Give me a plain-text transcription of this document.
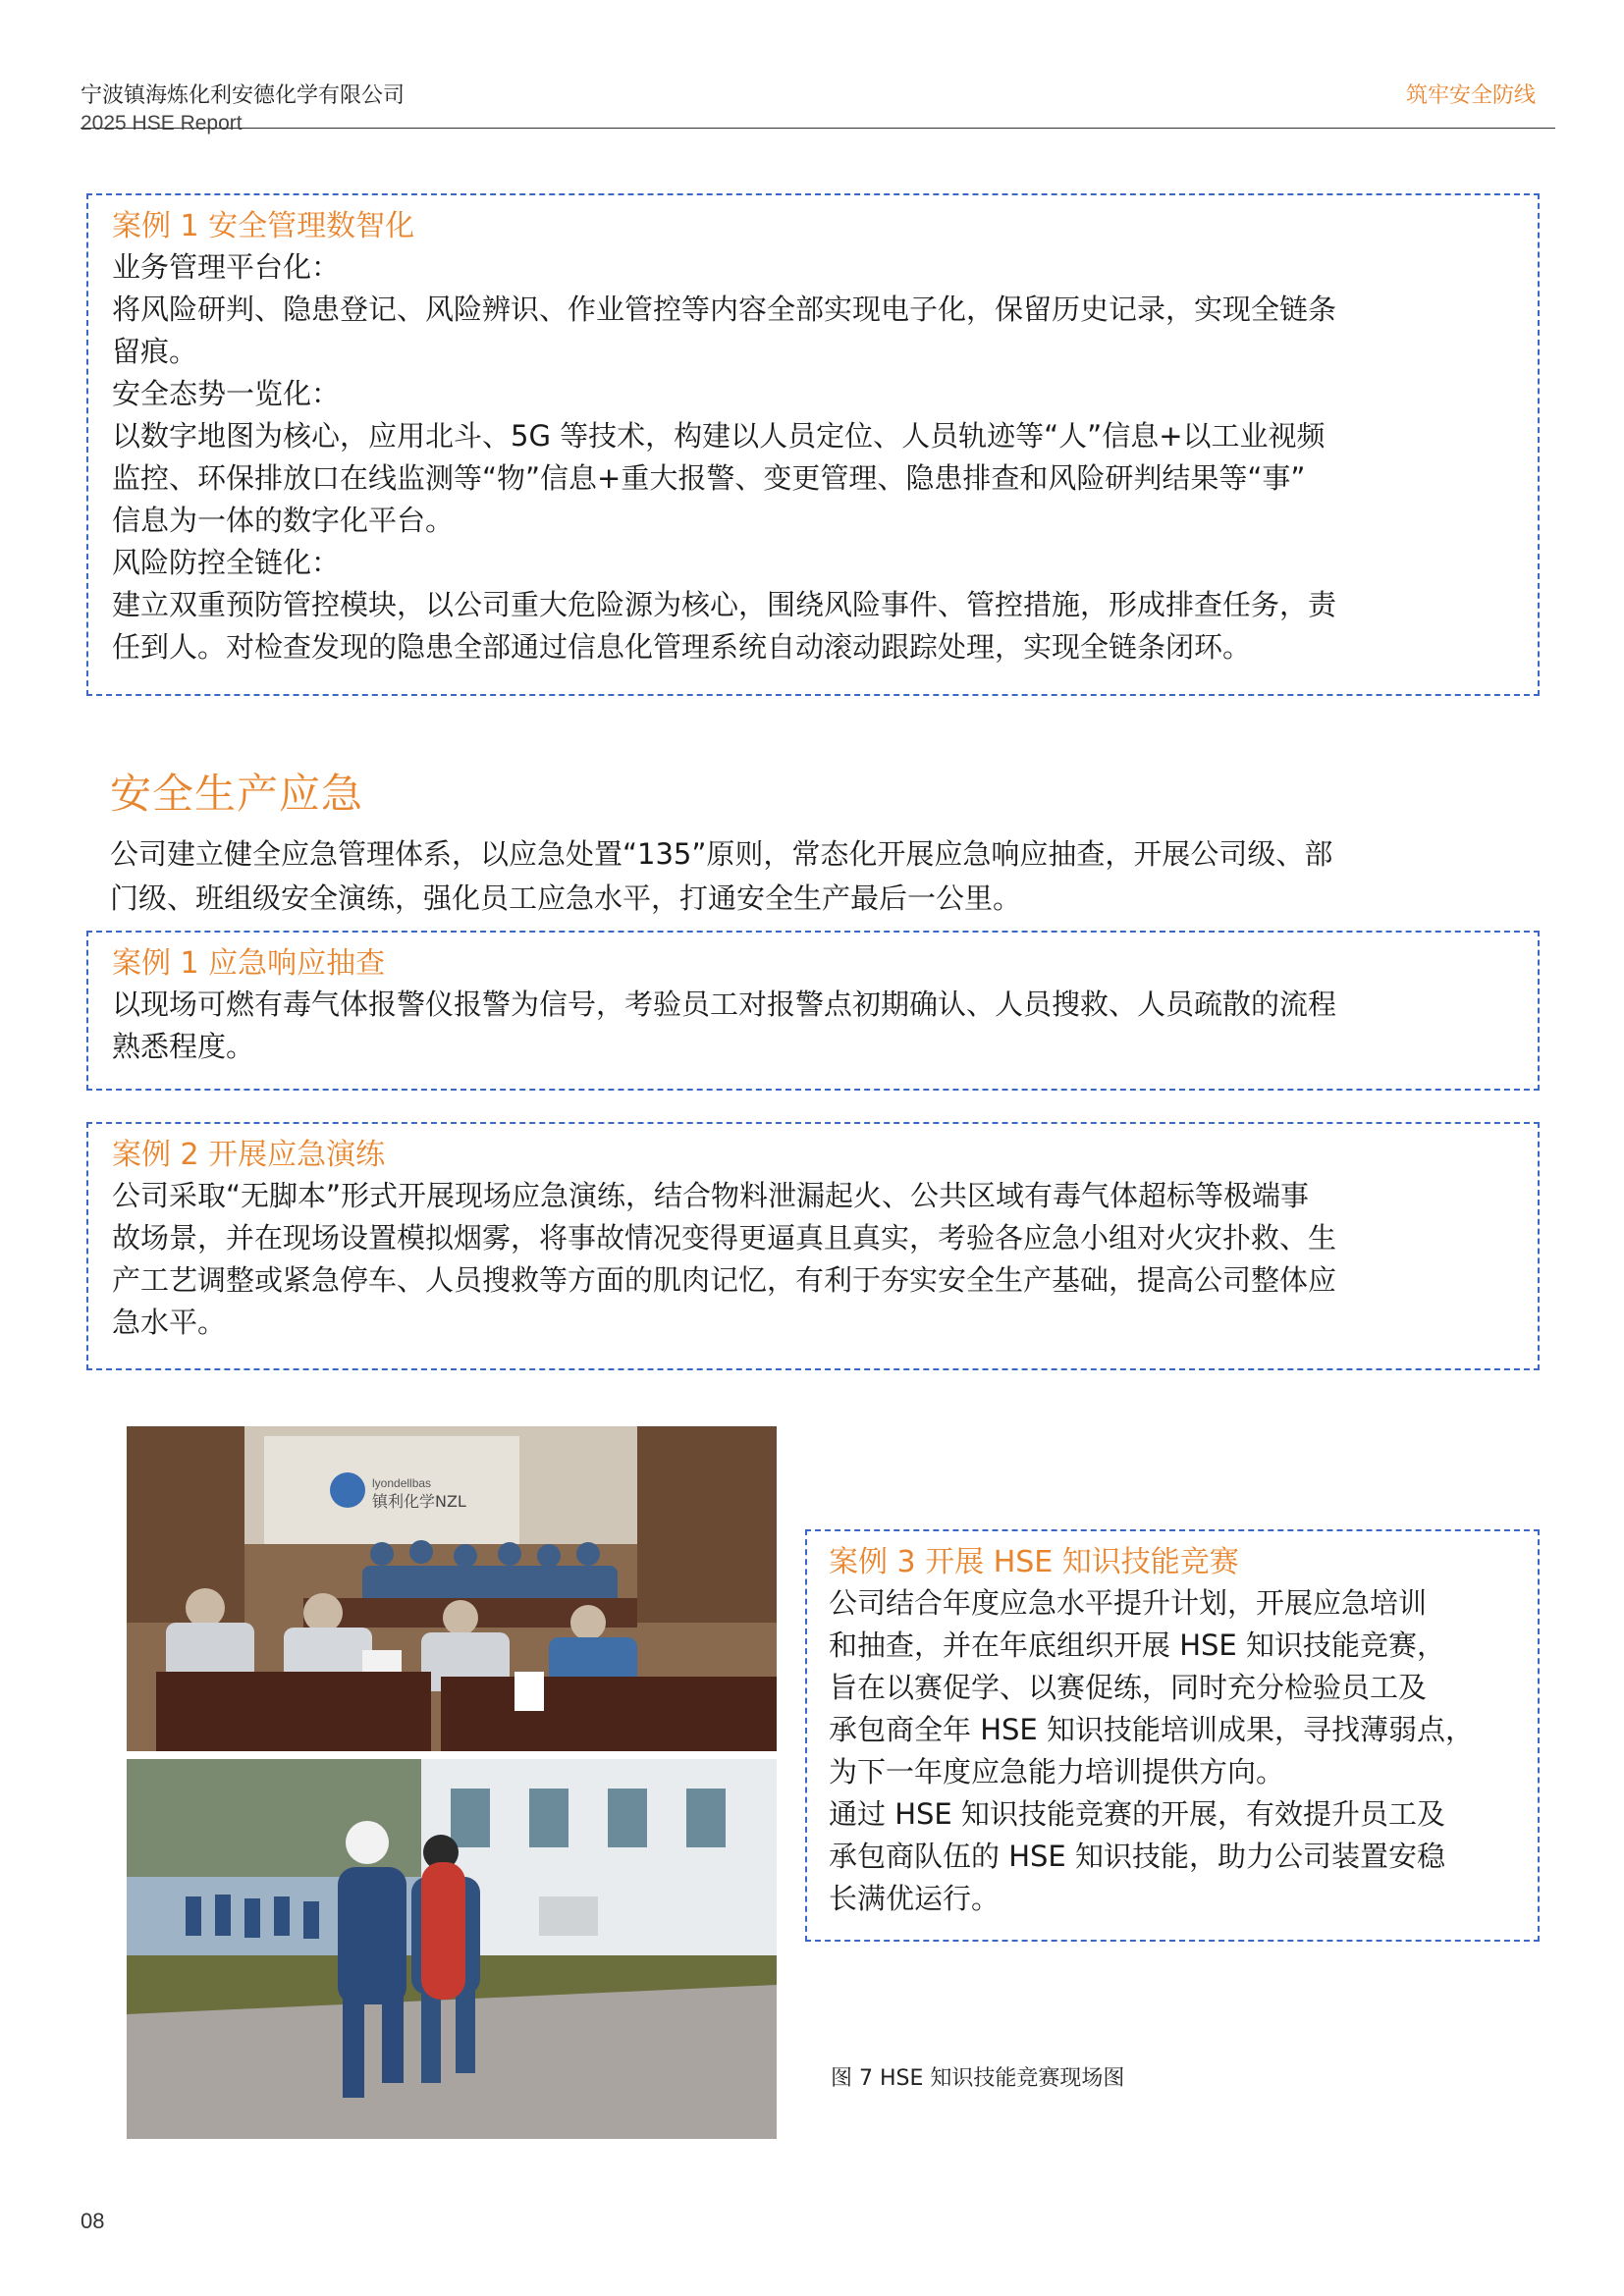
宁波镇海炼化利安德化学有限公司
2025 HSE Report
筑牢安全防线
案例 1 安全管理数智化
业务管理平台化：
将风险研判、隐患登记、风险辨识、作业管控等内容全部实现电子化，保留历史记录，实现全链条
留痕。
安全态势一览化：
以数字地图为核心，应用北斗、5G 等技术，构建以人员定位、人员轨迹等“人”信息+以工业视频
监控、环保排放口在线监测等“物”信息+重大报警、变更管理、隐患排查和风险研判结果等“事”
信息为一体的数字化平台。
风险防控全链化：
建立双重预防管控模块，以公司重大危险源为核心，围绕风险事件、管控措施，形成排查任务，责
任到人。对检查发现的隐患全部通过信息化管理系统自动滚动跟踪处理，实现全链条闭环。
安全生产应急
公司建立健全应急管理体系，以应急处置“135”原则，常态化开展应急响应抽查，开展公司级、部
门级、班组级安全演练，强化员工应急水平，打通安全生产最后一公里。
案例 1 应急响应抽查
以现场可燃有毒气体报警仪报警为信号，考验员工对报警点初期确认、人员搜救、人员疏散的流程
熟悉程度。
案例 2 开展应急演练
公司采取“无脚本”形式开展现场应急演练，结合物料泄漏起火、公共区域有毒气体超标等极端事
故场景，并在现场设置模拟烟雾，将事故情况变得更逼真且真实，考验各应急小组对火灾扑救、生
产工艺调整或紧急停车、人员搜救等方面的肌肉记忆，有利于夯实安全生产基础，提高公司整体应
急水平。
lyondellbas
镇利化学NZL
案例 3 开展 HSE 知识技能竞赛
公司结合年度应急水平提升计划，开展应急培训
和抽查，并在年底组织开展 HSE 知识技能竞赛，
旨在以赛促学、以赛促练，同时充分检验员工及
承包商全年 HSE 知识技能培训成果，寻找薄弱点，
为下一年度应急能力培训提供方向。
通过 HSE 知识技能竞赛的开展，有效提升员工及
承包商队伍的 HSE 知识技能，助力公司装置安稳
长满优运行。
图 7 HSE 知识技能竞赛现场图
08
